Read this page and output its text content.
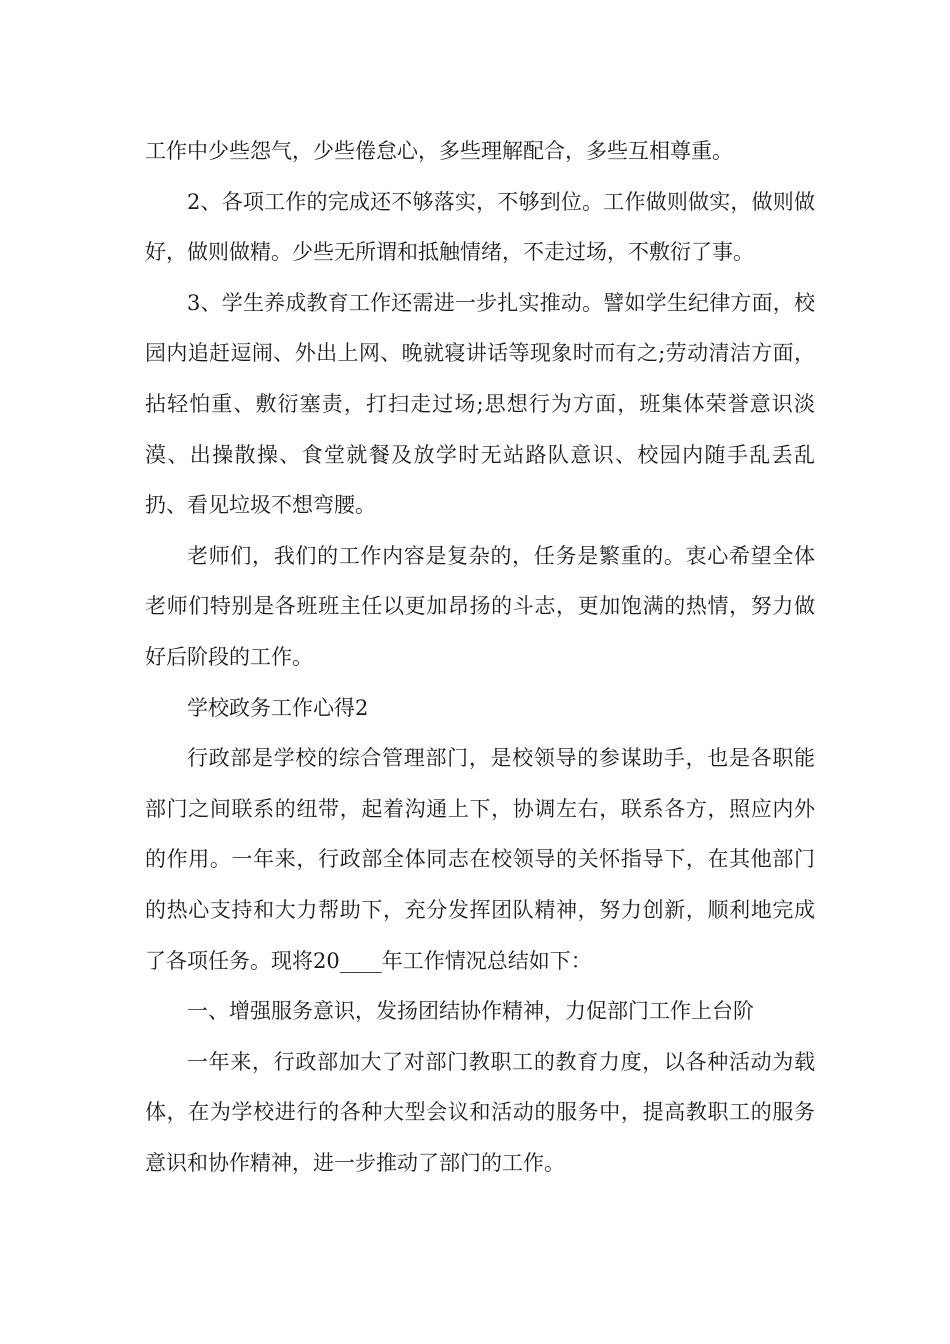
工作中少些怨气，少些倦怠心，多些理解配合，多些互相尊重。

2、各项工作的完成还不够落实，不够到位。工作做则做实，做则做好，做则做精。少些无所谓和抵触情绪，不走过场，不敷衍了事。

3、学生养成教育工作还需进一步扎实推动。譬如学生纪律方面，校园内追赶逗闹、外出上网、晚就寝讲话等现象时而有之;劳动清洁方面，拈轻怕重、敷衍塞责，打扫走过场;思想行为方面，班集体荣誉意识淡漠、出操散操、食堂就餐及放学时无站路队意识、校园内随手乱丢乱扔、看见垃圾不想弯腰。

老师们，我们的工作内容是复杂的，任务是繁重的。衷心希望全体老师们特别是各班班主任以更加昂扬的斗志，更加饱满的热情，努力做好后阶段的工作。

学校政务工作心得2

行政部是学校的综合管理部门，是校领导的参谋助手，也是各职能部门之间联系的纽带，起着沟通上下，协调左右，联系各方，照应内外的作用。一年来，行政部全体同志在校领导的关怀指导下，在其他部门的热心支持和大力帮助下，充分发挥团队精神，努力创新，顺利地完成了各项任务。现将20____年工作情况总结如下：

一、增强服务意识，发扬团结协作精神，力促部门工作上台阶

一年来，行政部加大了对部门教职工的教育力度，以各种活动为载体，在为学校进行的各种大型会议和活动的服务中，提高教职工的服务意识和协作精神，进一步推动了部门的工作。
